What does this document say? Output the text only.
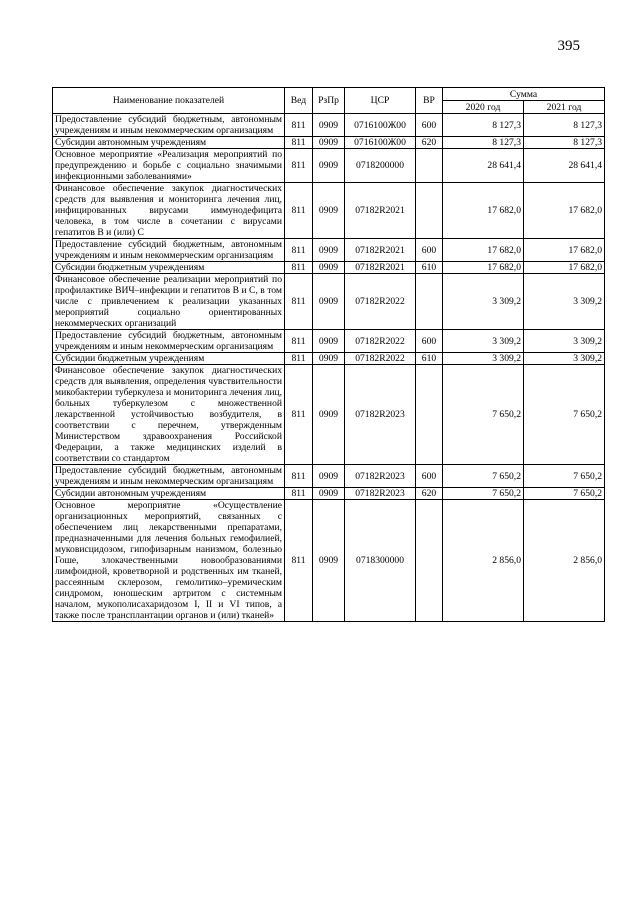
395
Наименование показателей	Вед	РзПр	ЦСР	ВР	Сумма	
					2020 год	2021 год
Предоставление субсидий бюджетным, автономным учреждениям и иным некоммерческим организациям	811	0909	0716100Ж00	600	8 127,3	8 127,3
Субсидии автономным учреждениям	811	0909	0716100Ж00	620	8 127,3	8 127,3
Основное мероприятие «Реализация мероприятий по предупреждению и борьбе с социально значимыми инфекционными заболеваниями»	811	0909	0718200000		28 641,4	28 641,4
Финансовое обеспечение закупок диагностических средств для выявления и мониторинга лечения лиц, инфицированных вирусами иммунодефицита человека, в том числе в сочетании с вирусами гепатитов В и (или) С	811	0909	07182R2021		17 682,0	17 682,0
Предоставление субсидий бюджетным, автономным учреждениям и иным некоммерческим организациям	811	0909	07182R2021	600	17 682,0	17 682,0
Субсидии бюджетным учреждениям	811	0909	07182R2021	610	17 682,0	17 682,0
Финансовое обеспечение реализации мероприятий по профилактике ВИЧ–инфекции и гепатитов В и С, в том числе с привлечением к реализации указанных мероприятий социально ориентированных некоммерческих организаций	811	0909	07182R2022		3 309,2	3 309,2
Предоставление субсидий бюджетным, автономным учреждениям и иным некоммерческим организациям	811	0909	07182R2022	600	3 309,2	3 309,2
Субсидии бюджетным учреждениям	811	0909	07182R2022	610	3 309,2	3 309,2
Финансовое обеспечение закупок диагностических средств для выявления, определения чувствительности микобактерии туберкулеза и мониторинга лечения лиц, больных туберкулезом с множественной лекарственной устойчивостью возбудителя, в соответствии с перечнем, утвержденным Министерством здравоохранения Российской Федерации, а также медицинских изделий в соответствии со стандартом	811	0909	07182R2023		7 650,2	7 650,2
Предоставление субсидий бюджетным, автономным учреждениям и иным некоммерческим организациям	811	0909	07182R2023	600	7 650,2	7 650,2
Субсидии автономным учреждениям	811	0909	07182R2023	620	7 650,2	7 650,2
Основное мероприятие «Осуществление организационных мероприятий, связанных с обеспечением лиц лекарственными препаратами, предназначенными для лечения больных гемофилией, муковисцидозом, гипофизарным нанизмом, болезнью Гоше, злокачественными новообразованиями лимфоидной, кроветворной и родственных им тканей, рассеянным склерозом, гемолитико–уремическим синдромом, юношеским артритом с системным началом, мукополисахаридозом I, II и VI типов, а также после трансплантации органов и (или) тканей»	811	0909	0718300000		2 856,0	2 856,0
